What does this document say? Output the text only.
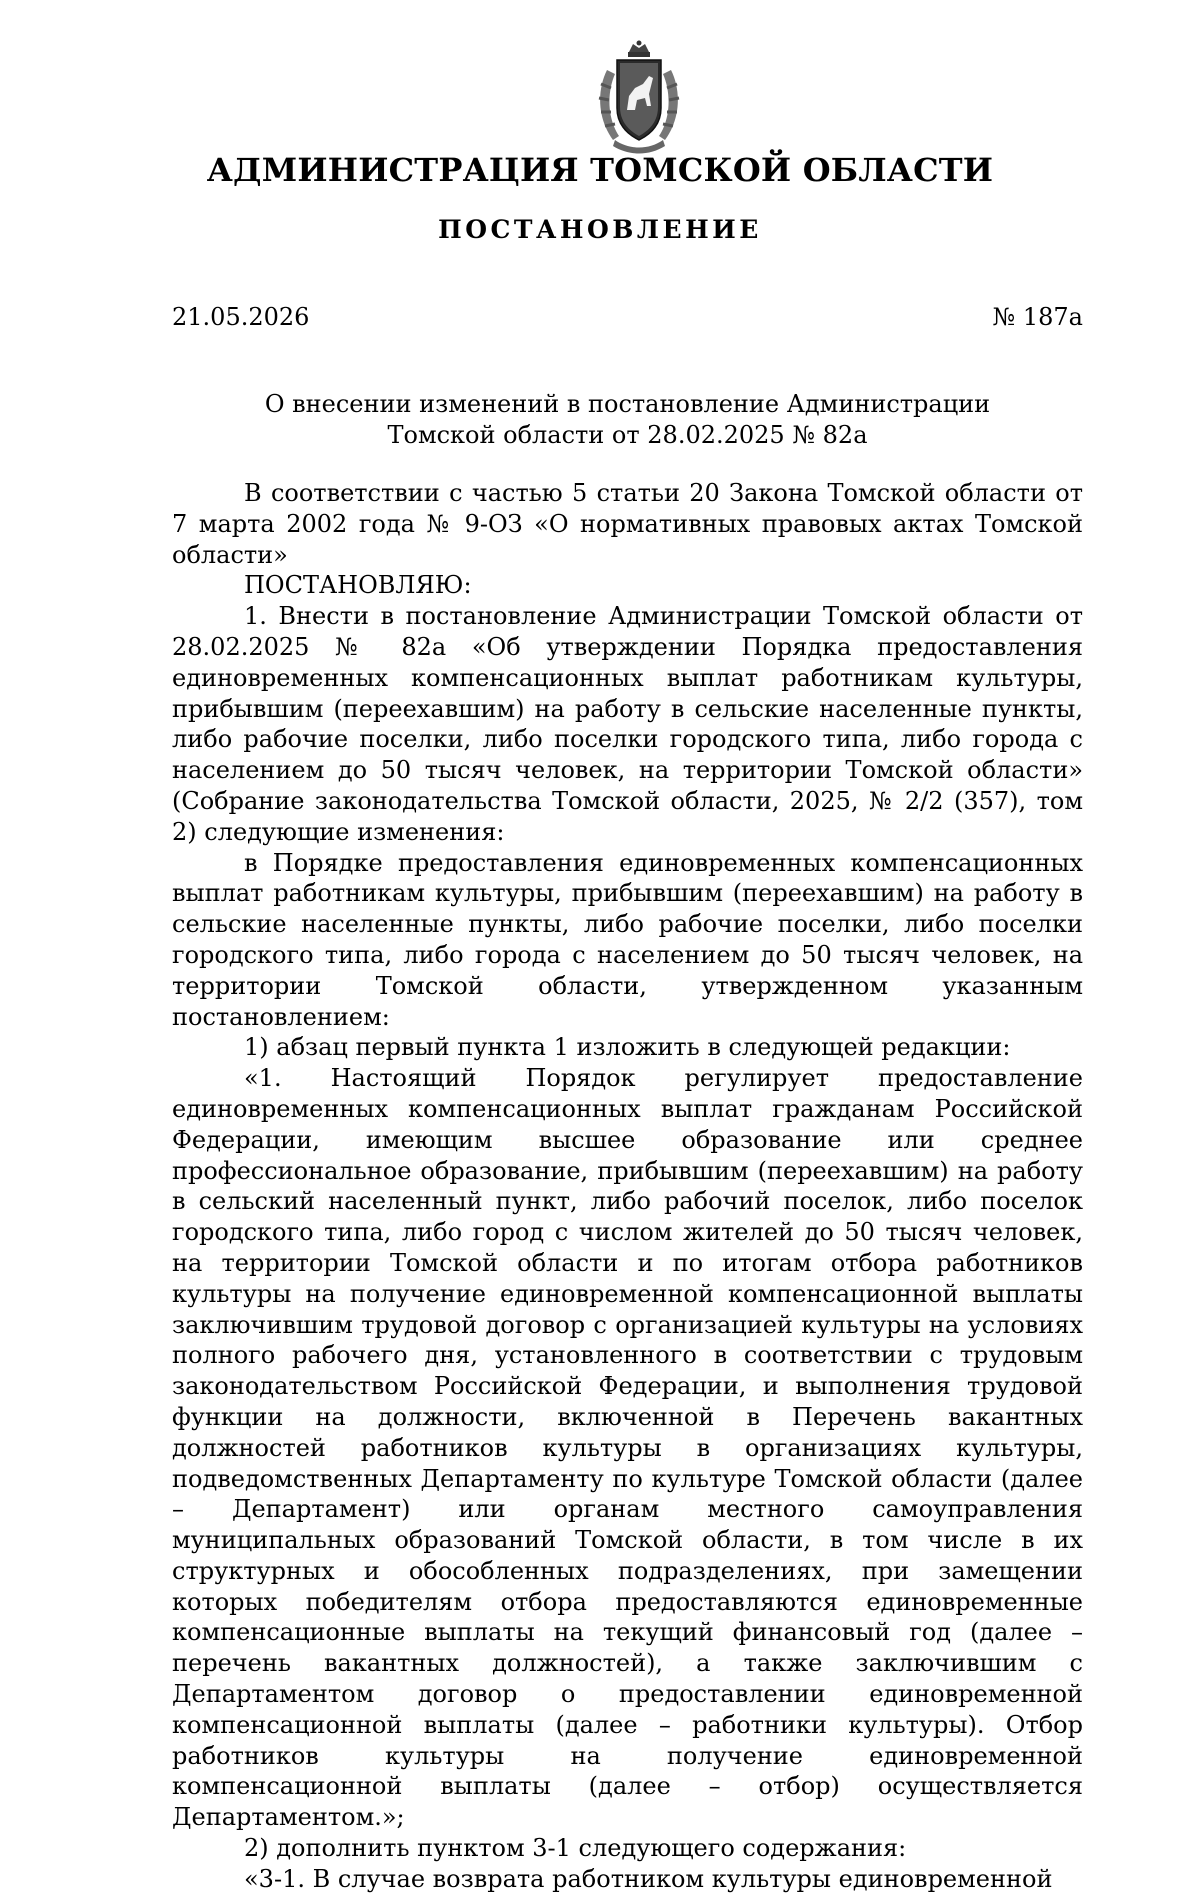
АДМИНИСТРАЦИЯ ТОМСКОЙ ОБЛАСТИ
ПОСТАНОВЛЕНИЕ
21.05.2026	№ 187а
О внесении изменений в постановление Администрации
Томской области от 28.02.2025 № 82а

В соответствии с частью 5 статьи 20 Закона Томской области от 7 марта 2002 года № 9-ОЗ «О нормативных правовых актах Томской области»

ПОСТАНОВЛЯЮ:

1. Внести в постановление Администрации Томской области от 28.02.2025 № 82а «Об утверждении Порядка предоставления единовременных компенсационных выплат работникам культуры, прибывшим (переехавшим) на работу в сельские населенные пункты, либо рабочие поселки, либо поселки городского типа, либо города с населением до 50 тысяч человек, на территории Томской области» (Собрание законодательства Томской области, 2025, № 2/2 (357), том 2) следующие изменения:

в Порядке предоставления единовременных компенсационных выплат работникам культуры, прибывшим (переехавшим) на работу в сельские населенные пункты, либо рабочие поселки, либо поселки городского типа, либо города с населением до 50 тысяч человек, на территории Томской области, утвержденном указанным постановлением:

1) абзац первый пункта 1 изложить в следующей редакции:

«1. Настоящий Порядок регулирует предоставление единовременных компенсационных выплат гражданам Российской Федерации, имеющим высшее образование или среднее профессиональное образование, прибывшим (переехавшим) на работу в сельский населенный пункт, либо рабочий поселок, либо поселок городского типа, либо город с числом жителей до 50 тысяч человек, на территории Томской области и по итогам отбора работников культуры на получение единовременной компенсационной выплаты заключившим трудовой договор с организацией культуры на условиях полного рабочего дня, установленного в соответствии с трудовым законодательством Российской Федерации, и выполнения трудовой функции на должности, включенной в Перечень вакантных должностей работников культуры в организациях культуры, подведомственных Департаменту по культуре Томской области (далее – Департамент) или органам местного самоуправления муниципальных образований Томской области, в том числе в их структурных и обособленных подразделениях, при замещении которых победителям отбора предоставляются единовременные компенсационные выплаты на текущий финансовый год (далее – перечень вакантных должностей), а также заключившим с Департаментом договор о предоставлении единовременной компенсационной выплаты (далее – работники культуры). Отбор работников культуры на получение единовременной компенсационной выплаты (далее – отбор) осуществляется Департаментом.»;

2) дополнить пунктом 3-1 следующего содержания:

«3-1. В случае возврата работником культуры единовременной
